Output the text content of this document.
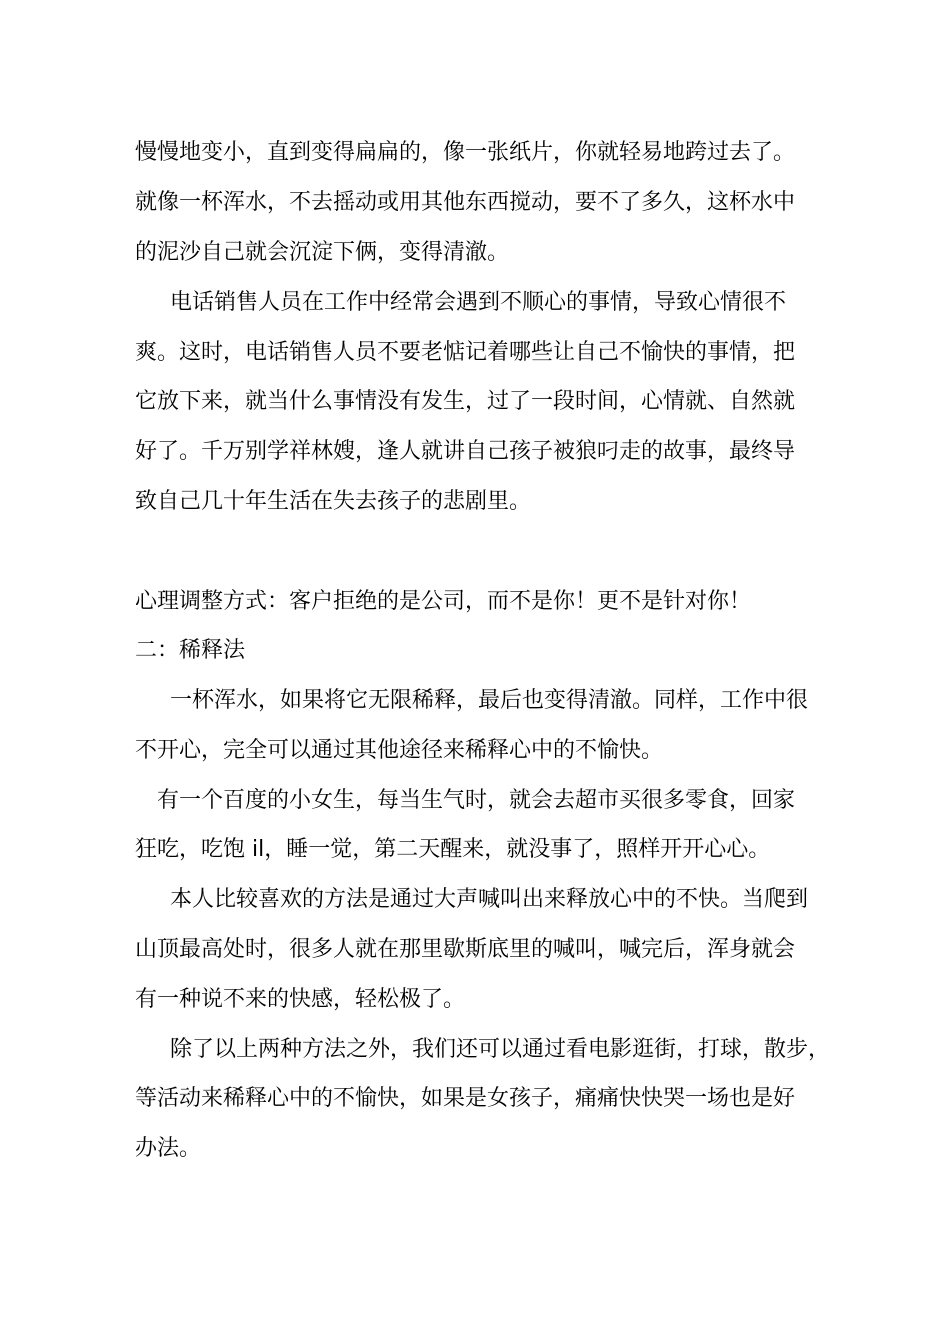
慢慢地变小，直到变得扁扁的，像一张纸片，你就轻易地跨过去了。

就像一杯浑水，不去摇动或用其他东西搅动，要不了多久，这杯水中

的泥沙自己就会沉淀下俩，变得清澈。

电话销售人员在工作中经常会遇到不顺心的事情，导致心情很不

爽。这时，电话销售人员不要老惦记着哪些让自己不愉快的事情，把

它放下来，就当什么事情没有发生，过了一段时间，心情就、自然就

好了。千万别学祥林嫂，逢人就讲自己孩子被狼叼走的故事，最终导

致自己几十年生活在失去孩子的悲剧里。

心理调整方式：客户拒绝的是公司，而不是你！更不是针对你！

二：稀释法

一杯浑水，如果将它无限稀释，最后也变得清澈。同样，工作中很

不开心，完全可以通过其他途径来稀释心中的不愉快。

有一个百度的小女生，每当生气时，就会去超市买很多零食，回家

狂吃，吃饱 il，睡一觉，第二天醒来，就没事了，照样开开心心。

本人比较喜欢的方法是通过大声喊叫出来释放心中的不快。当爬到

山顶最高处时，很多人就在那里歇斯底里的喊叫，喊完后，浑身就会

有一种说不来的快感，轻松极了。

除了以上两种方法之外，我们还可以通过看电影逛街，打球，散步，

等活动来稀释心中的不愉快，如果是女孩子，痛痛快快哭一场也是好

办法。
